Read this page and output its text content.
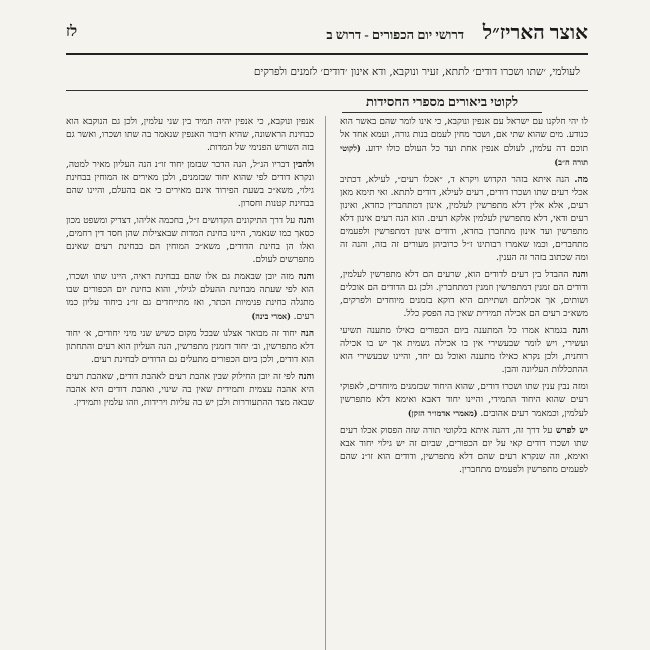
אוצר האריז״ל
דרושי יום הכפורים - דרוש ב
לז
לעולמי, ׳שתו ושכרו דודים׳ לתתא, זעיר ונוקבא, ודא אינון ׳דודים׳ לזמנים ולפרקים
לקוטי ביאורים מספרי החסידות

לו יהי חלקנו עם ישראל עם אנפין ונוקבא, כי אינו לומר שהם באשר הוא כנודע. מים שהוא שתי אם, ושכר מחין לעמם בנות גורה, ועמא אחד אל תוכם דה עלמין, לעולם אנפין אחת ועד כל העולם כולו ידוע. (לקוטי תורה ח״ב)

מה. הנה איתא בזהר הקדוש ויקרא ד, ״אכלו רעים״, לעילא, דכתיב אכלי רעים שתו ושכרו דודים, רעים לעילא, דודים לתתא. ואי תימא מאן רעים, אלא אלין דלא מתפרשין לעלמין, אינון דמתחברין כחדא, ואינון רעים ודאי, דלא מתפרשין לעלמין אלקא רעים. הוא הנה רעים אינון דלא מתפרשין ועד אינון מתחברן בחדא, ודודים אינון דמתפרשין ולפעמים מתחברים, וכמו שאמרו רבותינו ז״ל כרוביהן מעורים זה בזה, והנה זה ומה שכתוב בזהר זה הענין.

והנה ההבדל בין רעים לדודים הוא, שרעים הם דלא מתפרשין לעלמין, ודודים הם זמנין דמתפרשין וזמנין דמתחברין. ולכן גם הדודים הם אוכלים ושותים, אך אכילתם ושתייתם היא דוקא בזמנים מיוחדים ולפרקים, משא״כ רעים הם אכילה תמידית שאין בה הפסק כלל.

והנה בגמרא אמרו כל המתענה ביום הכפורים כאילו מתענה תשיעי ועשירי, ויש לומר שבעשירי אין בו אכילה גשמית אך יש בו אכילה רוחנית, ולכן נקרא כאילו מתענה ואוכל גם יחד, והיינו שבעשירי הוא ההתכללות העליונה והבן.

ומזה נבין ענין שתו ושכרו דודים, שהוא היחוד שבזמנים מיוחדים, לאפוקי רעים שהוא היחוד התמידי, והיינו יחוד דאבא ואימא דלא מתפרשין לעלמין, וכמאמר רעים אהובים. (מאמרי אדמו״ר הזקן)

יש לפרש על דרך זה, דהנה איתא בלקוטי תורה שזה הפסוק אכלו רעים שתו ושכרו דודים קאי על יום הכפורים, שביום זה יש גילוי יחוד אבא ואימא, וזה שנקרא רעים שהם דלא מתפרשין, ודודים הוא זו״נ שהם לפעמים מתפרשין ולפעמים מתחברין.

אנפין ונוקבא, כי אנפין יהיה תמיד בין שני עלמין, ולכן גם הנוקבא הוא כבחינת הראשונה, שהיא חיבור האנפין שנאמר בה שתו ושכרו, ואשר גם בזה השורש הפנימי של המדות.

ולהבין דבריו הנ״ל, הנה הדבר שבזמן יחוד זו״נ הנה העליון מאיר למטה, ונקרא דודים לפי שהוא יחוד שבזמנים, ולכן מאירים אז המוחין בבחינת גילוי, משא״כ בשעת הפירוד אינם מאירים כי אם בהעלם, והיינו שהם בבחינת קטנות וחסרון.

והנה על דרך התיקונים הקדושים ז״ל, בחכמה אליהו, דצדיק ומשפט מכון כסאך כמו שנאמר, היינו בחינת המדות שבאצילות שהן חסד דין רחמים, ואלו הן בחינת הדודים, משא״כ המוחין הם בבחינת רעים שאינם מתפרשים לעולם.

והנה מזה יובן שבאמת גם אלו שהם בבחינת ראיה, היינו שתו ושכרו, הוא לפי שעתה מבחינת ההעלם לגילוי, והוא בחינת יום הכפורים שבו מתגלה בחינת פנימיות הכתר, ואז מתייחדים גם זו״נ ביחוד עליון כמו רעים. (אמרי בינה)

הנה יחוד זה מבואר אצלנו שבכל מקום כשיש שני מיני יחודים, א׳ יחוד דלא מתפרשין, וב׳ יחוד דזמנין מתפרשין, הנה העליון הוא רעים והתחתון הוא דודים, ולכן ביום הכפורים מתעלים גם הדודים לבחינת רעים.

והנה לפי זה יובן החילוק שבין אהבת רעים לאהבת דודים, שאהבת רעים היא אהבה עצמית ותמידית שאין בה שינוי, ואהבת דודים היא אהבה שבאה מצד ההתעוררות ולכן יש בה עליות וירידות, וזהו עלמין ותמידין.
